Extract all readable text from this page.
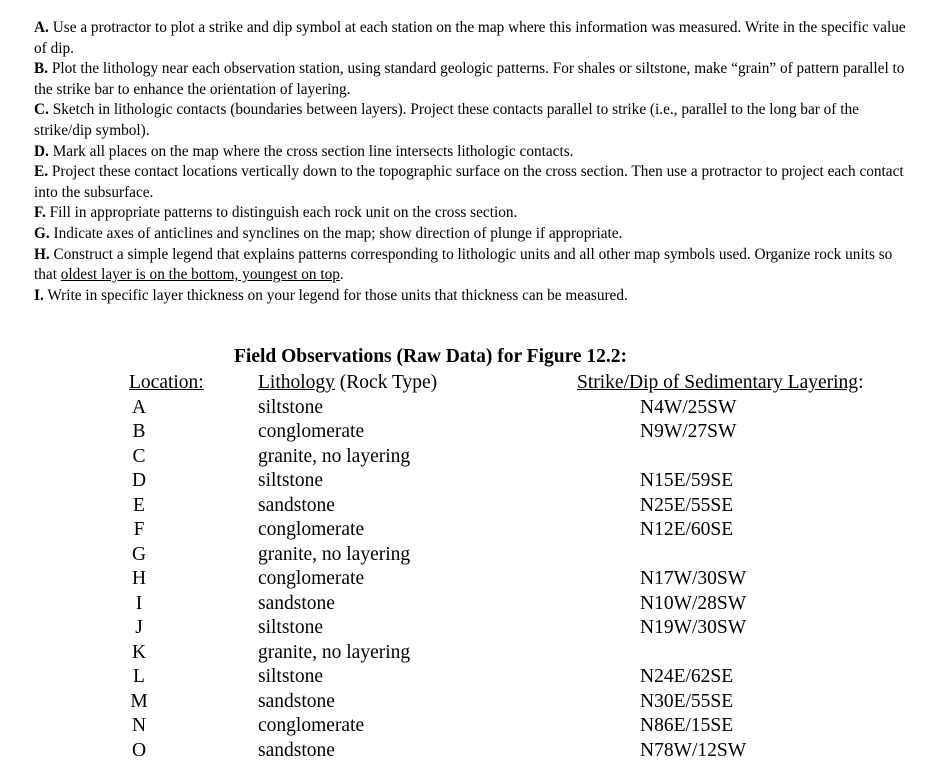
A. Use a protractor to plot a strike and dip symbol at each station on the map where this information was measured. Write in the specific value of dip.

B. Plot the lithology near each observation station, using standard geologic patterns. For shales or siltstone, make “grain” of pattern parallel to the strike bar to enhance the orientation of layering.

C. Sketch in lithologic contacts (boundaries between layers). Project these contacts parallel to strike (i.e., parallel to the long bar of the strike/dip symbol).

D. Mark all places on the map where the cross section line intersects lithologic contacts.

E. Project these contact locations vertically down to the topographic surface on the cross section. Then use a protractor to project each contact into the subsurface.

F. Fill in appropriate patterns to distinguish each rock unit on the cross section.

G. Indicate axes of anticlines and synclines on the map; show direction of plunge if appropriate.

H. Construct a simple legend that explains patterns corresponding to lithologic units and all other map symbols used. Organize rock units so that oldest layer is on the bottom, youngest on top.

I. Write in specific layer thickness on your legend for those units that thickness can be measured.

Field Observations (Raw Data) for Figure 12.2:
Location:	Lithology (Rock Type)	Strike/Dip of Sedimentary Layering:
A	siltstone	N4W/25SW
B	conglomerate	N9W/27SW
C	granite, no layering
D	siltstone	N15E/59SE
E	sandstone	N25E/55SE
F	conglomerate	N12E/60SE
G	granite, no layering
H	conglomerate	N17W/30SW
I	sandstone	N10W/28SW
J	siltstone	N19W/30SW
K	granite, no layering
L	siltstone	N24E/62SE
M	sandstone	N30E/55SE
N	conglomerate	N86E/15SE
O	sandstone	N78W/12SW
